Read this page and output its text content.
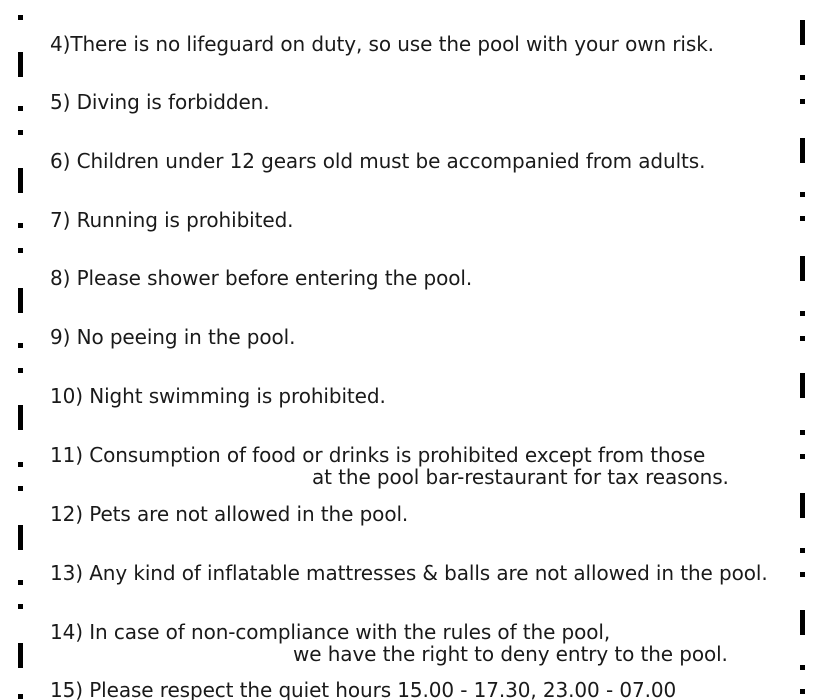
4)There is no lifeguard on duty, so use the pool with your own risk.
5) Diving is forbidden.
6) Children under 12 gears old must be accompanied from adults.
7) Running is prohibited.
8) Please shower before entering the pool.
9) No peeing in the pool.
10) Night swimming is prohibited.
11) Consumption of food or drinks is prohibited except from those
at the pool bar-restaurant for tax reasons.
12) Pets are not allowed in the pool.
13) Any kind of inflatable mattresses & balls are not allowed in the pool.
14) In case of non-compliance with the rules of the pool,
we have the right to deny entry to the pool.
15) Please respect the quiet hours 15.00 - 17.30, 23.00 - 07.00
